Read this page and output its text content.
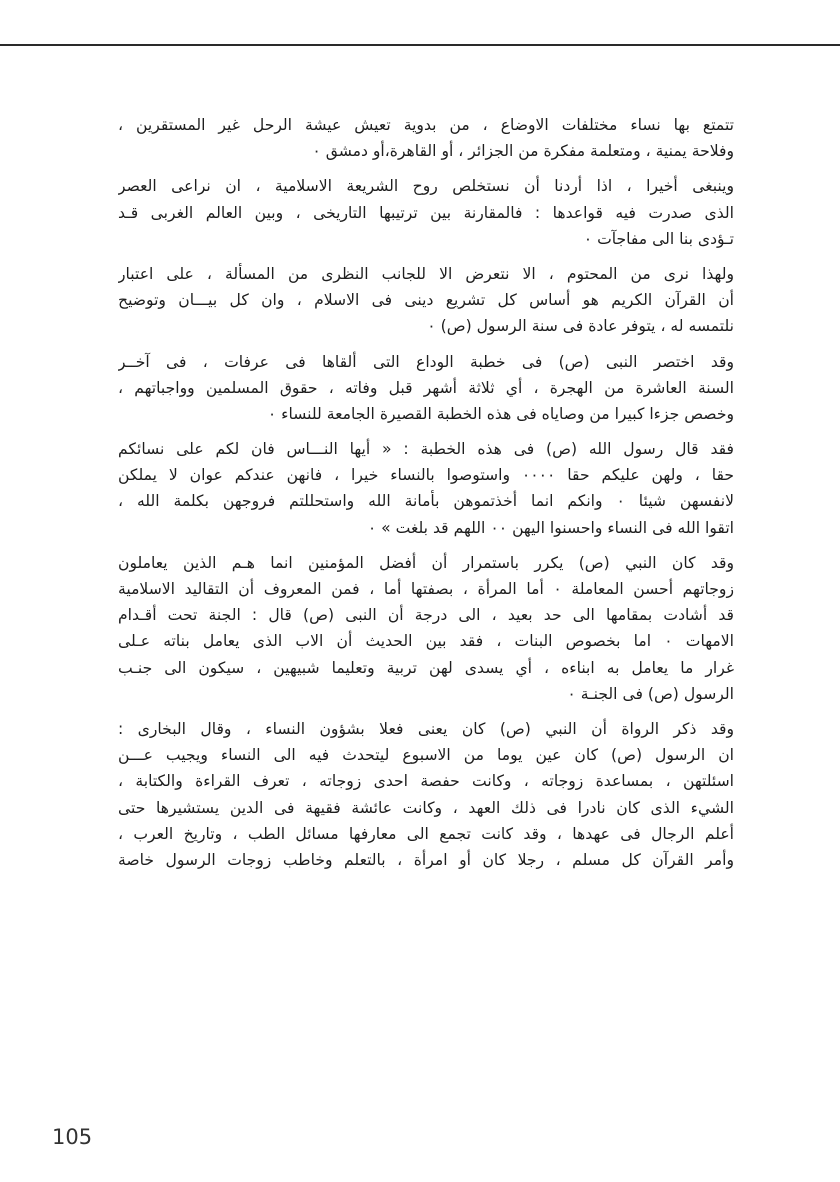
تتمتع بها نساء مختلفات الاوضاع ، من بدوية تعيش عيشة الرحل غير المستقرين ،
وفلاحة يمنية ، ومتعلمة مفكرة من الجزائر ، أو القاهرة،أو دمشق ٠
وينبغى أخيرا ، اذا أردنا أن نستخلص روح الشريعة الاسلامية ، ان نراعى العصر
الذى صدرت فيه قواعدها : فالمقارنة بين ترتيبها التاريخى ، وبين العالم الغربى قـد
تـؤدى بنا الى مفاجآت ٠
ولهذا نرى من المحتوم ، الا نتعرض الا للجانب النظرى من المسألة ، على اعتبار
أن القرآن الكريم هو أساس كل تشريع دينى فى الاسلام ، وان كل بيـــان وتوضيح
نلتمسه له ، يتوفر عادة فى سنة الرسول (ص) ٠
وقد اختصر النبى (ص) فى خطبة الوداع التى ألقاها فى عرفات ، فى آخــر
السنة العاشرة من الهجرة ، أي ثلاثة أشهر قبل وفاته ، حقوق المسلمين وواجباتهم ،
وخصص جزءا كبيرا من وصاياه فى هذه الخطبة القصيرة الجامعة للنساء ٠
فقد قال رسول الله (ص) فى هذه الخطبة : « أيها النـــاس فان لكم على نسائكم
حقا ، ولهن عليكم حقا ٠٠٠٠ واستوصوا بالنساء خيرا ، فانهن عندكم عوان لا يملكن
لانفسهن شيئا ٠ وانكم انما أخذتموهن بأمانة الله واستحللتم فروجهن بكلمة الله ،
اتقوا الله فى النساء واحسنوا اليهن ٠٠ اللهم قد بلغت » ٠
وقد كان النبي (ص) يكرر باستمرار أن أفضل المؤمنين انما هـم الذين يعاملون
زوجاتهم أحسن المعاملة ٠ أما المرأة ، بصفتها أما ، فمن المعروف أن التقاليد الاسلامية
قد أشادت بمقامها الى حد بعيد ، الى درجة أن النبى (ص) قال : الجنة تحت أقـدام
الامهات ٠ اما بخصوص البنات ، فقد بين الحديث أن الاب الذى يعامل بناته عـلى
غرار ما يعامل به ابناءه ، أي يسدى لهن تربية وتعليما شبيهين ، سيكون الى جنـب
الرسول (ص) فى الجنـة ٠
وقد ذكر الرواة أن النبي (ص) كان يعنى فعلا بشؤون النساء ، وقال البخارى :
ان الرسول (ص) كان عين يوما من الاسبوع ليتحدث فيه الى النساء ويجيب عـــن
اسئلتهن ، بمساعدة زوجاته ، وكانت حفصة احدى زوجاته ، تعرف القراءة والكتابة ،
الشيء الذى كان نادرا فى ذلك العهد ، وكانت عائشة فقيهة فى الدين يستشيرها حتى
أعلم الرجال فى عهدها ، وقد كانت تجمع الى معارفها مسائل الطب ، وتاريخ العرب ،
وأمر القرآن كل مسلم ، رجلا كان أو امرأة ، بالتعلم وخاطب زوجات الرسول خاصة
105
